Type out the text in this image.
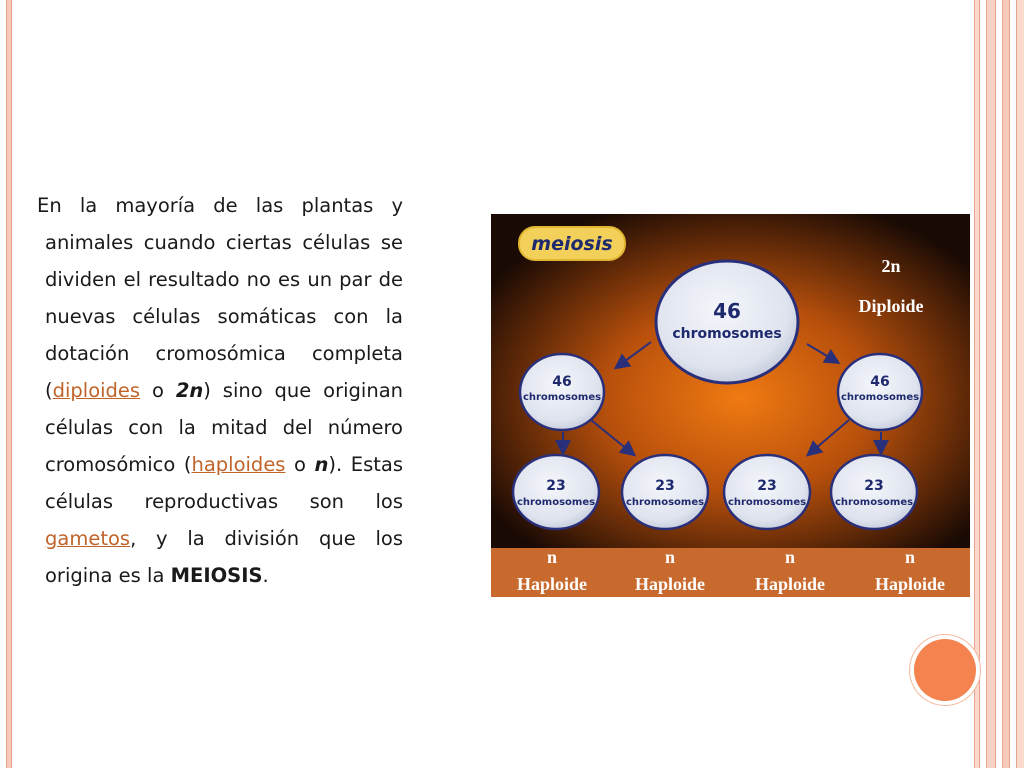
En la mayoría de las plantas y animales cuando ciertas células se dividen el resultado no es un par de nuevas células somáticas con la dotación cromosómica completa (diploides o 2n) sino que originan células con la mitad del número cromosómico (haploides o n). Estas células reproductivas son los gametos, y la división que los origina es la MEIOSIS.

meiosis
46
chromosomes
46
chromosomes
46
chromosomes
23
chromosomes
23
chromosomes
23
chromosomes
23
chromosomes
2n
Diploide
n
Haploide
n
Haploide
n
Haploide
n
Haploide
